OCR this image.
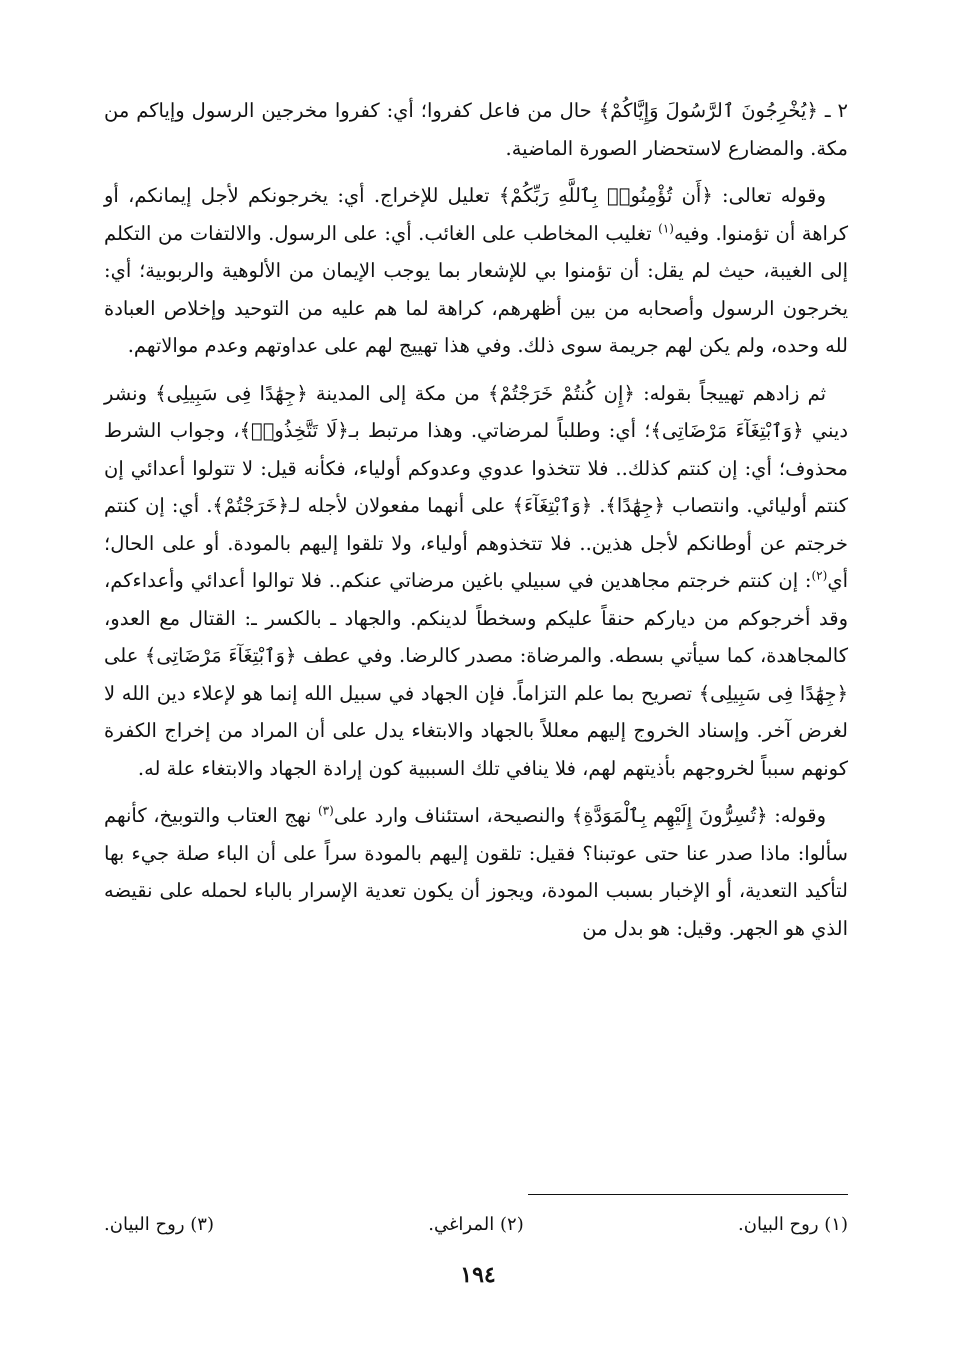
٢ ـ ﴿يُخْرِجُونَ ٱلرَّسُولَ وَإِيَّاكُمْ﴾ حال من فاعل كفروا؛ أي: كفروا مخرجين الرسول وإياكم من مكة. والمضارع لاستحضار الصورة الماضية.

وقوله تعالى: ﴿أَن تُؤْمِنُوا۟ بِٱللَّهِ رَبِّكُمْ﴾ تعليل للإخراج. أي: يخرجونكم لأجل إيمانكم، أو كراهة أن تؤمنوا. وفيه$^{(١)}$ تغليب المخاطب على الغائب. أي: على الرسول. والالتفات من التكلم إلى الغيبة، حيث لم يقل: أن تؤمنوا بي للإشعار بما يوجب الإيمان من الألوهية والربوبية؛ أي: يخرجون الرسول وأصحابه من بين أظهرهم، كراهة لما هم عليه من التوحيد وإخلاص العبادة لله وحده، ولم يكن لهم جريمة سوى ذلك. وفي هذا تهييج لهم على عداوتهم وعدم موالاتهم.

ثم زادهم تهييجاً بقوله: ﴿إِن كُنتُمْ خَرَجْتُمْ﴾ من مكة إلى المدينة ﴿جِهَٰدًا فِى سَبِيلِى﴾ ونشر ديني ﴿وَٱبْتِغَآءَ مَرْضَاتِى﴾؛ أي: وطلباً لمرضاتي. وهذا مرتبط بـ﴿لَا تَتَّخِذُوا۟﴾، وجواب الشرط محذوف؛ أي: إن كنتم كذلك.. فلا تتخذوا عدوي وعدوكم أولياء، فكأنه قيل: لا تتولوا أعدائي إن كنتم أوليائي. وانتصاب ﴿جِهَٰدًا﴾. ﴿وَٱبْتِغَآءَ﴾ على أنهما مفعولان لأجله لـ﴿خَرَجْتُمْ﴾. أي: إن كنتم خرجتم عن أوطانكم لأجل هذين.. فلا تتخذوهم أولياء، ولا تلقوا إليهم بالمودة. أو على الحال؛ أي$^{(٢)}$: إن كنتم خرجتم مجاهدين في سبيلي باغين مرضاتي عنكم.. فلا توالوا أعدائي وأعداءكم، وقد أخرجوكم من دياركم حنقاً عليكم وسخطاً لدينكم. والجهاد ـ بالكسر ـ: القتال مع العدو، كالمجاهدة، كما سيأتي بسطه. والمرضاة: مصدر كالرضا. وفي عطف ﴿وَٱبْتِغَآءَ مَرْضَاتِى﴾ على ﴿جِهَٰدًا فِى سَبِيلِى﴾ تصريح بما علم التزاماً. فإن الجهاد في سبيل الله إنما هو لإعلاء دين الله لا لغرض آخر. وإسناد الخروج إليهم معللاً بالجهاد والابتغاء يدل على أن المراد من إخراج الكفرة كونهم سبباً لخروجهم بأذيتهم لهم، فلا ينافي تلك السببية كون إرادة الجهاد والابتغاء علة له.

وقوله: ﴿تُسِرُّونَ إِلَيْهِم بِٱلْمَوَدَّةِ﴾ والنصيحة، استئناف وارد على$^{(٣)}$ نهج العتاب والتوبيخ، كأنهم سألوا: ماذا صدر عنا حتى عوتبنا؟ فقيل: تلقون إليهم بالمودة سراً على أن الباء صلة جيء بها لتأكيد التعدية، أو الإخبار بسبب المودة، ويجوز أن يكون تعدية الإسرار بالباء لحمله على نقيضه الذي هو الجهر. وقيل: هو بدل من

(١) روح البيان.
(٢) المراغي.
(٣) روح البيان.
١٩٤
